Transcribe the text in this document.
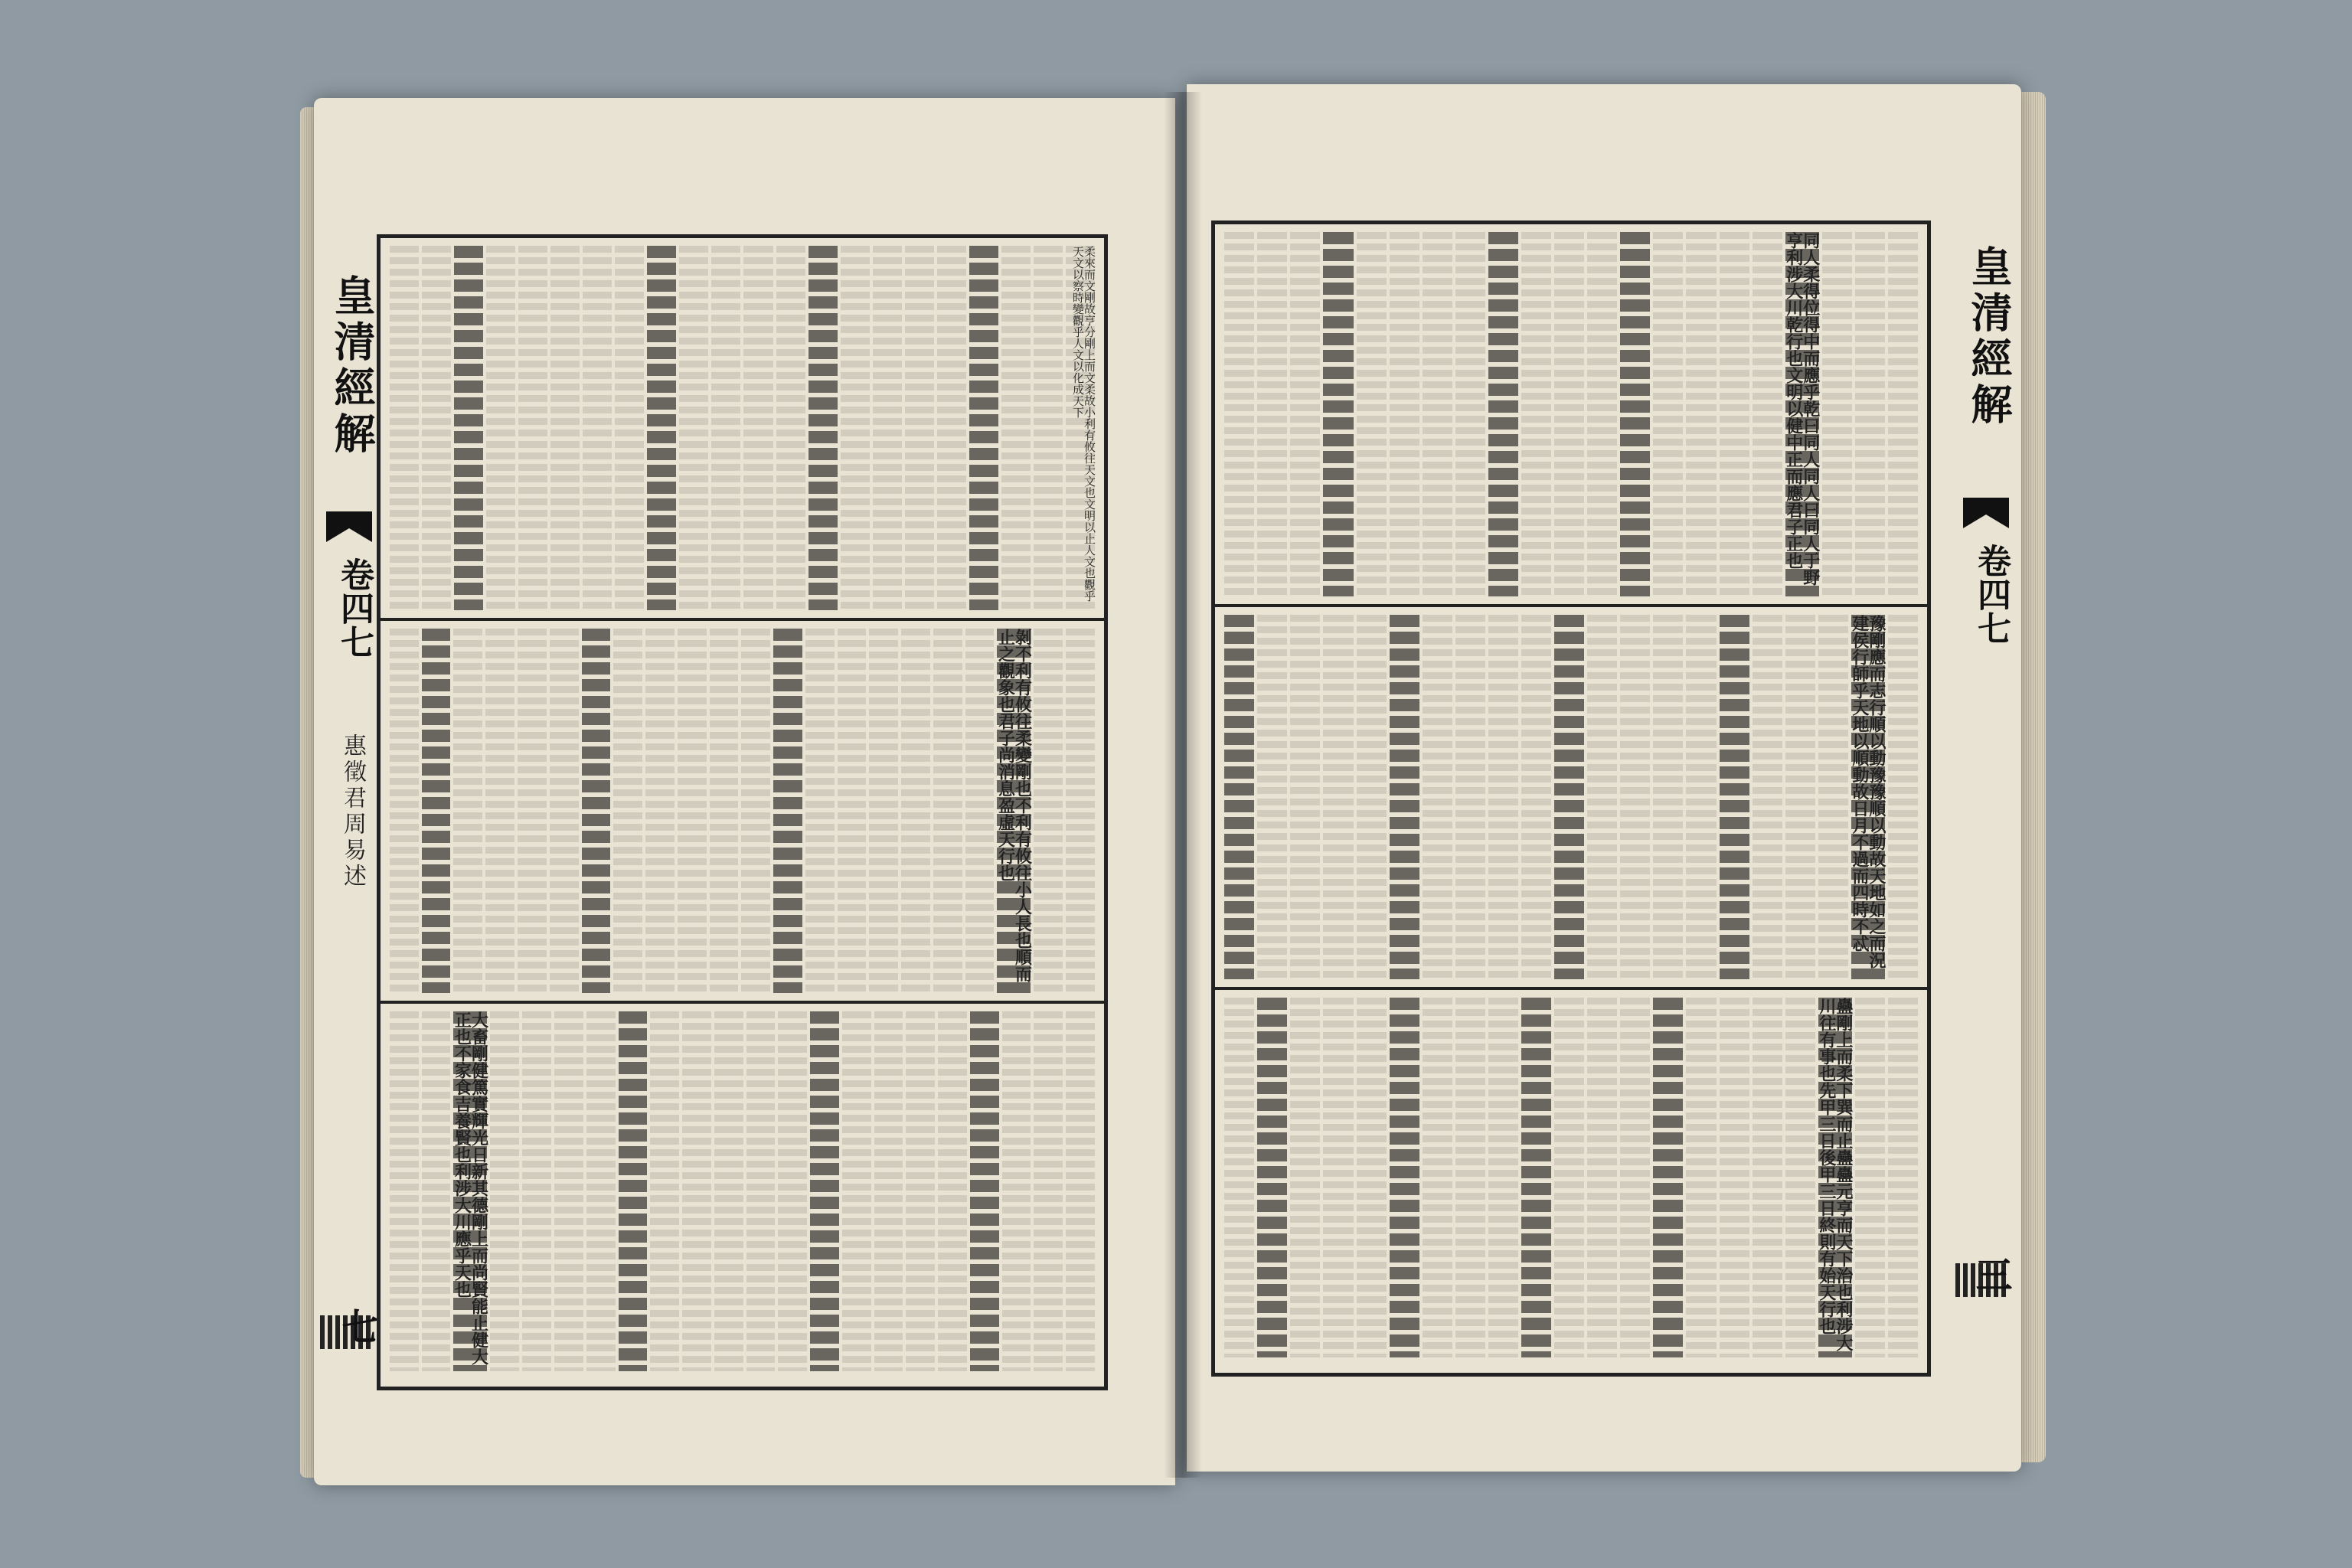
皇清經解
卷四七
惠徵君周易述
七
柔來而文剛故亨分剛上而文柔故小利有攸往天文也文明以止人文也觀乎天文以察時變觀乎人文以化成天下
剝不利有攸往柔變剛也不利有攸往小人長也順而止之觀象也君子尚消息盈虛天行也
大畜剛健篤實輝光日新其德剛上而尚賢能止健大正也不家食吉養賢也利涉大川應乎天也
皇清經解
卷四七
三
同人柔得位得中而應乎乾曰同人同人曰同人于野亨利涉大川乾行也文明以健中正而應君子正也
豫剛應而志行順以動豫豫順以動故天地如之而況建侯行師乎天地以順動故日月不過而四時不忒
蠱剛上而柔下巽而止蠱蠱元亨而天下治也利涉大川往有事也先甲三日後甲三日終則有始天行也
